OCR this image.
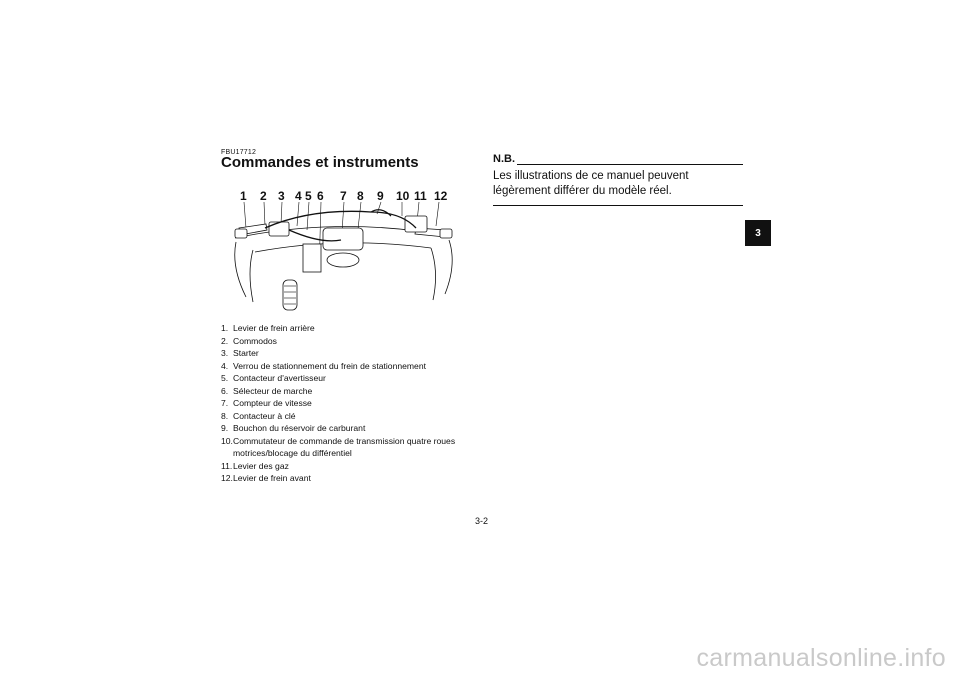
FBU17712
Commandes et instruments
1 2 3 4 5 6 7 8 9 10 11 12
1. Levier de frein arrière
2. Commodos
3. Starter
4. Verrou de stationnement du frein de stationnement
5. Contacteur d'avertisseur
6. Sélecteur de marche
7. Compteur de vitesse
8. Contacteur à clé
9. Bouchon du réservoir de carburant
10. Commutateur de commande de transmission quatre roues motrices/blocage du différentiel
11. Levier des gaz
12. Levier de frein avant
N.B.

Les illustrations de ce manuel peuvent légèrement différer du modèle réel.

3
3-2
carmanualsonline.info
